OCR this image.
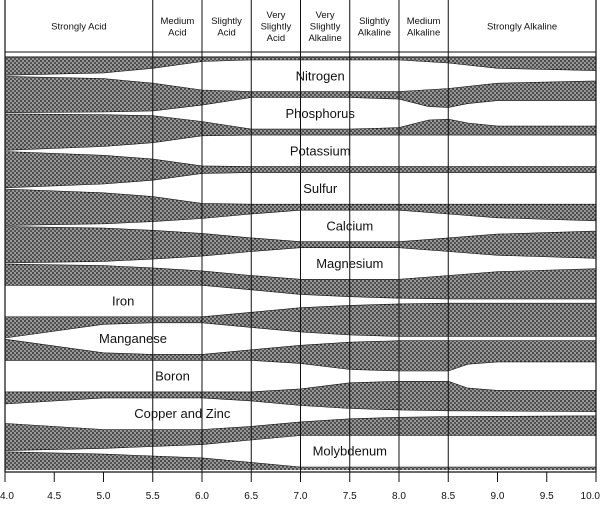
Nitrogen
Phosphorus
Potassium
Sulfur
Calcium
Magnesium
Iron
Manganese
Boron
Copper and Zinc
Molybdenum
Strongly Acid
Medium Acid
Slightly Acid
Very Slightly Acid
Very Slightly Alkaline
Slightly Alkaline
Medium Alkaline
Strongly Alkaline
4.0	4.5	5.0	5.5	6.0	6.5	7.0	7.5	8.0	8.5	9.0	9.5	10.0
